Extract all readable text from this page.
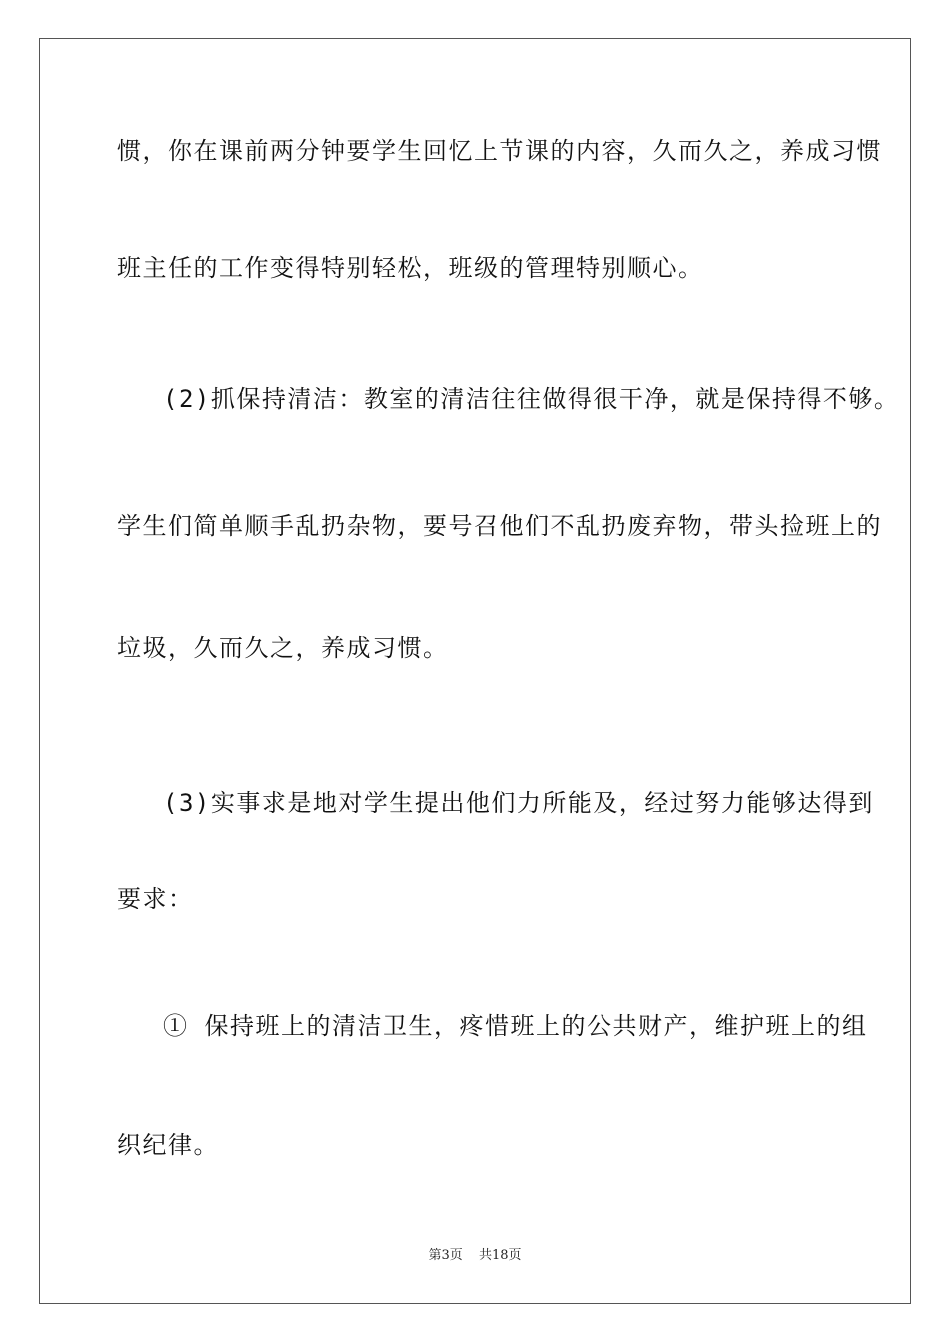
惯，你在课前两分钟要学生回忆上节课的内容，久而久之，养成习惯
班主任的工作变得特别轻松，班级的管理特别顺心。
(2)抓保持清洁：教室的清洁往往做得很干净，就是保持得不够。
学生们简单顺手乱扔杂物，要号召他们不乱扔废弃物，带头捡班上的
垃圾，久而久之，养成习惯。
(3)实事求是地对学生提出他们力所能及，经过努力能够达得到
要求：
① 保持班上的清洁卫生，疼惜班上的公共财产，维护班上的组
织纪律。
第3页 共18页
